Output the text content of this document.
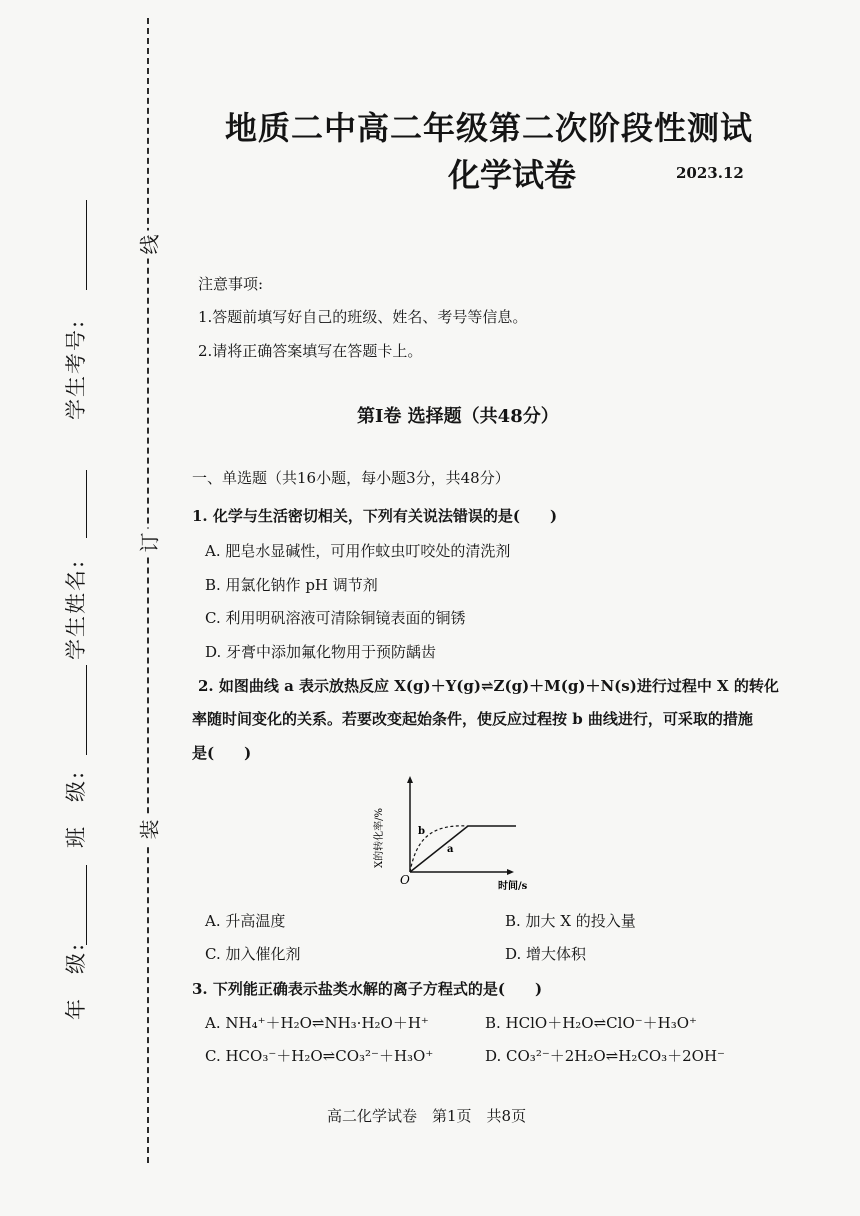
线
订
装
学生考号:
学生姓名:
班　级:
年　级:
地质二中高二年级第二次阶段性测试
化学试卷	2023.12
注意事项:
1.答题前填写好自己的班级、姓名、考号等信息。
2.请将正确答案填写在答题卡上。
第Ⅰ卷 选择题（共48分）
一、单选题（共16小题，每小题3分，共48分）
1. 化学与生活密切相关，下列有关说法错误的是(　　)
A. 肥皂水显碱性，可用作蚊虫叮咬处的清洗剂
B. 用氯化钠作 pH 调节剂
C. 利用明矾溶液可清除铜镜表面的铜锈
D. 牙膏中添加氟化物用于预防龋齿
2. 如图曲线 a 表示放热反应 X(g)＋Y(g)⇌Z(g)＋M(g)＋N(s)进行过程中 X 的转化
率随时间变化的关系。若要改变起始条件，使反应过程按 b 曲线进行，可采取的措施
是(　　)
X的转化率/%
O	时间/s
b
a
A. 升高温度	B. 加大 X 的投入量
C. 加入催化剂	D. 增大体积
3. 下列能正确表示盐类水解的离子方程式的是(　　)
A. NH₄⁺＋H₂O⇌NH₃·H₂O＋H⁺	B. HClO＋H₂O⇌ClO⁻＋H₃O⁺
C. HCO₃⁻＋H₂O⇌CO₃²⁻＋H₃O⁺	D. CO₃²⁻＋2H₂O⇌H₂CO₃＋2OH⁻
高二化学试卷　第1页　共8页
